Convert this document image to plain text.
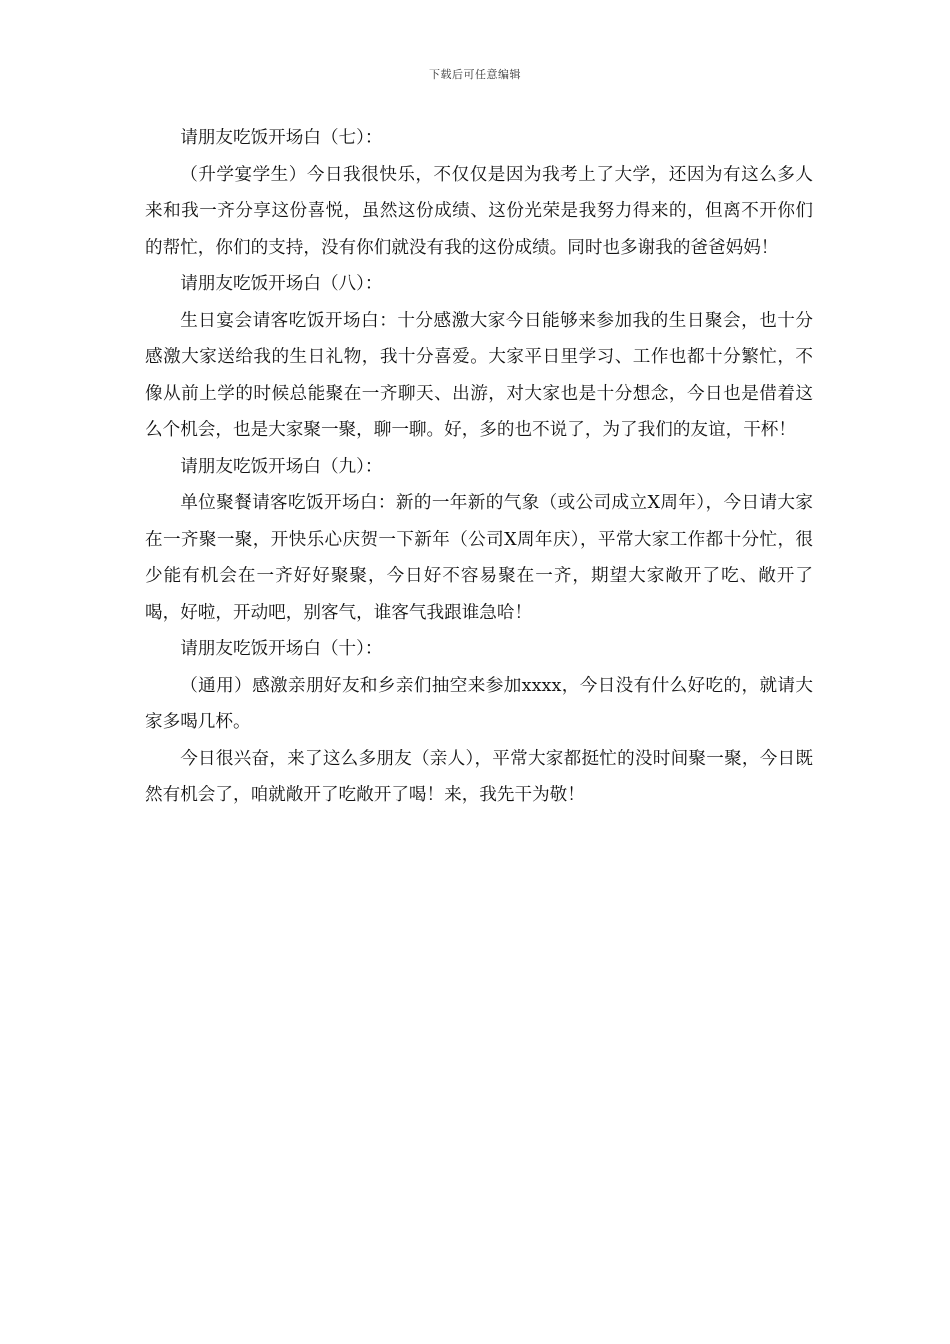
下载后可任意编辑

请朋友吃饭开场白（七）：

（升学宴学生）今日我很快乐，不仅仅是因为我考上了大学，还因为有这么多人来和我一齐分享这份喜悦，虽然这份成绩、这份光荣是我努力得来的，但离不开你们的帮忙，你们的支持，没有你们就没有我的这份成绩。同时也多谢我的爸爸妈妈！

请朋友吃饭开场白（八）：

生日宴会请客吃饭开场白：十分感激大家今日能够来参加我的生日聚会，也十分感激大家送给我的生日礼物，我十分喜爱。大家平日里学习、工作也都十分繁忙，不像从前上学的时候总能聚在一齐聊天、出游，对大家也是十分想念，今日也是借着这么个机会，也是大家聚一聚，聊一聊。好，多的也不说了，为了我们的友谊，干杯！

请朋友吃饭开场白（九）：

单位聚餐请客吃饭开场白：新的一年新的气象（或公司成立X周年），今日请大家在一齐聚一聚，开快乐心庆贺一下新年（公司X周年庆），平常大家工作都十分忙，很少能有机会在一齐好好聚聚，今日好不容易聚在一齐，期望大家敞开了吃、敞开了喝，好啦，开动吧，别客气，谁客气我跟谁急哈！

请朋友吃饭开场白（十）：

（通用）感激亲朋好友和乡亲们抽空来参加xxxx，今日没有什么好吃的，就请大家多喝几杯。

今日很兴奋，来了这么多朋友（亲人），平常大家都挺忙的没时间聚一聚，今日既然有机会了，咱就敞开了吃敞开了喝！来，我先干为敬！
